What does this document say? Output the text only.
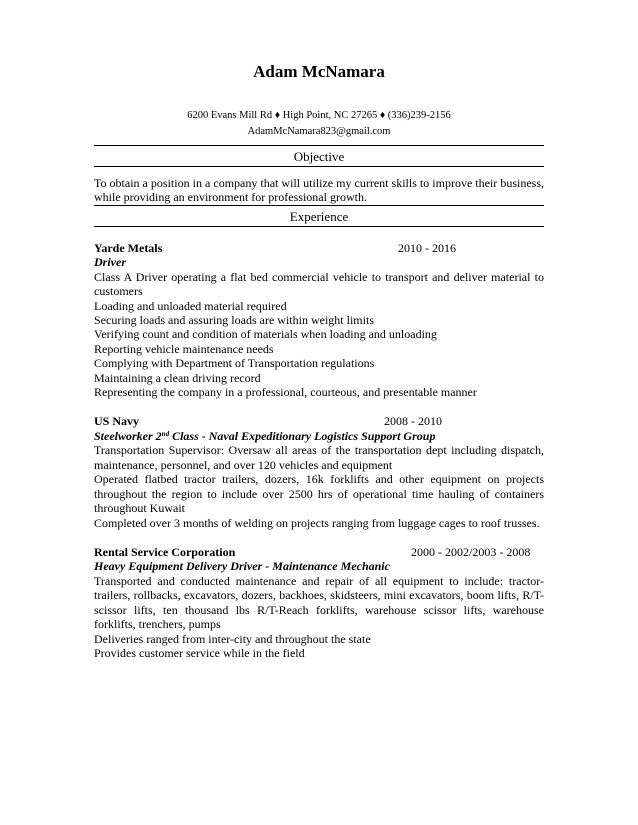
Adam McNamara
6200 Evans Mill Rd ♦ High Point, NC 27265 ♦ (336)239-2156
AdamMcNamara823@gmail.com
Objective
To obtain a position in a company that will utilize my current skills to improve their business, while providing an environment for professional growth.
Experience
Yarde Metals	2010 - 2016
Driver
Class A Driver operating a flat bed commercial vehicle to transport and deliver material to customers
Loading and unloaded material required
Securing loads and assuring loads are within weight limits
Verifying count and condition of materials when loading and unloading
Reporting vehicle maintenance needs
Complying with Department of Transportation regulations
Maintaining a clean driving record
Representing the company in a professional, courteous, and presentable manner
US Navy	2008 - 2010
Steelworker 2nd Class - Naval Expeditionary Logistics Support Group
Transportation Supervisor: Oversaw all areas of the transportation dept including dispatch, maintenance, personnel, and over 120 vehicles and equipment
Operated flatbed tractor trailers, dozers, 16k forklifts and other equipment on projects throughout the region to include over 2500 hrs of operational time hauling of containers throughout Kuwait
Completed over 3 months of welding on projects ranging from luggage cages to roof trusses.
Rental Service Corporation	2000 - 2002/2003 - 2008
Heavy Equipment Delivery Driver - Maintenance Mechanic
Transported and conducted maintenance and repair of all equipment to include: tractor-trailers, rollbacks, excavators, dozers, backhoes, skidsteers, mini excavators, boom lifts, R/T-scissor lifts, ten thousand lbs R/T-Reach forklifts, warehouse scissor lifts, warehouse forklifts, trenchers, pumps
Deliveries ranged from inter-city and throughout the state
Provides customer service while in the field
